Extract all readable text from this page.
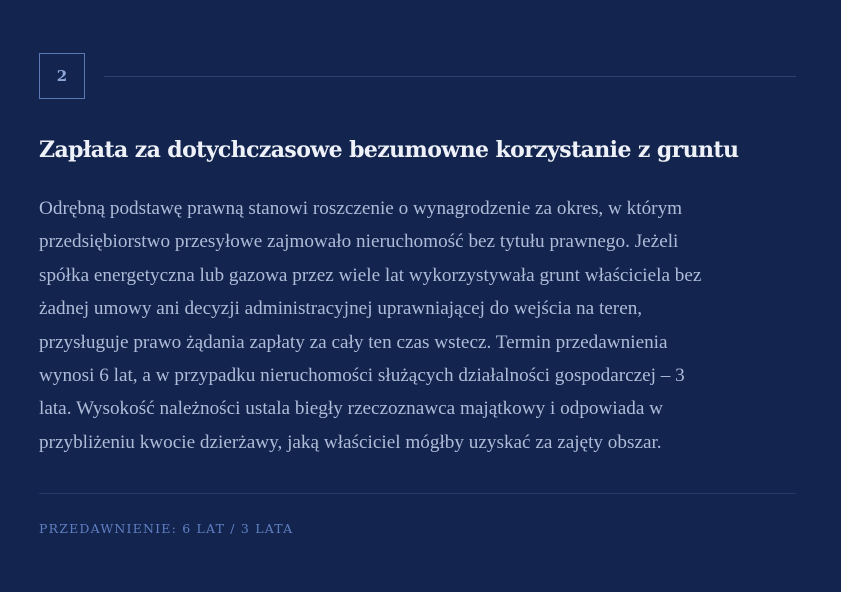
2
Zapłata za dotychczasowe bezumowne korzystanie z gruntu

Odrębną podstawę prawną stanowi roszczenie o wynagrodzenie za okres, w którym
przedsiębiorstwo przesyłowe zajmowało nieruchomość bez tytułu prawnego. Jeżeli
spółka energetyczna lub gazowa przez wiele lat wykorzystywała grunt właściciela bez
żadnej umowy ani decyzji administracyjnej uprawniającej do wejścia na teren,
przysługuje prawo żądania zapłaty za cały ten czas wstecz. Termin przedawnienia
wynosi 6 lat, a w przypadku nieruchomości służących działalności gospodarczej – 3
lata. Wysokość należności ustala biegły rzeczoznawca majątkowy i odpowiada w
przybliżeniu kwocie dzierżawy, jaką właściciel mógłby uzyskać za zajęty obszar.

PRZEDAWNIENIE: 6 LAT / 3 LATA
